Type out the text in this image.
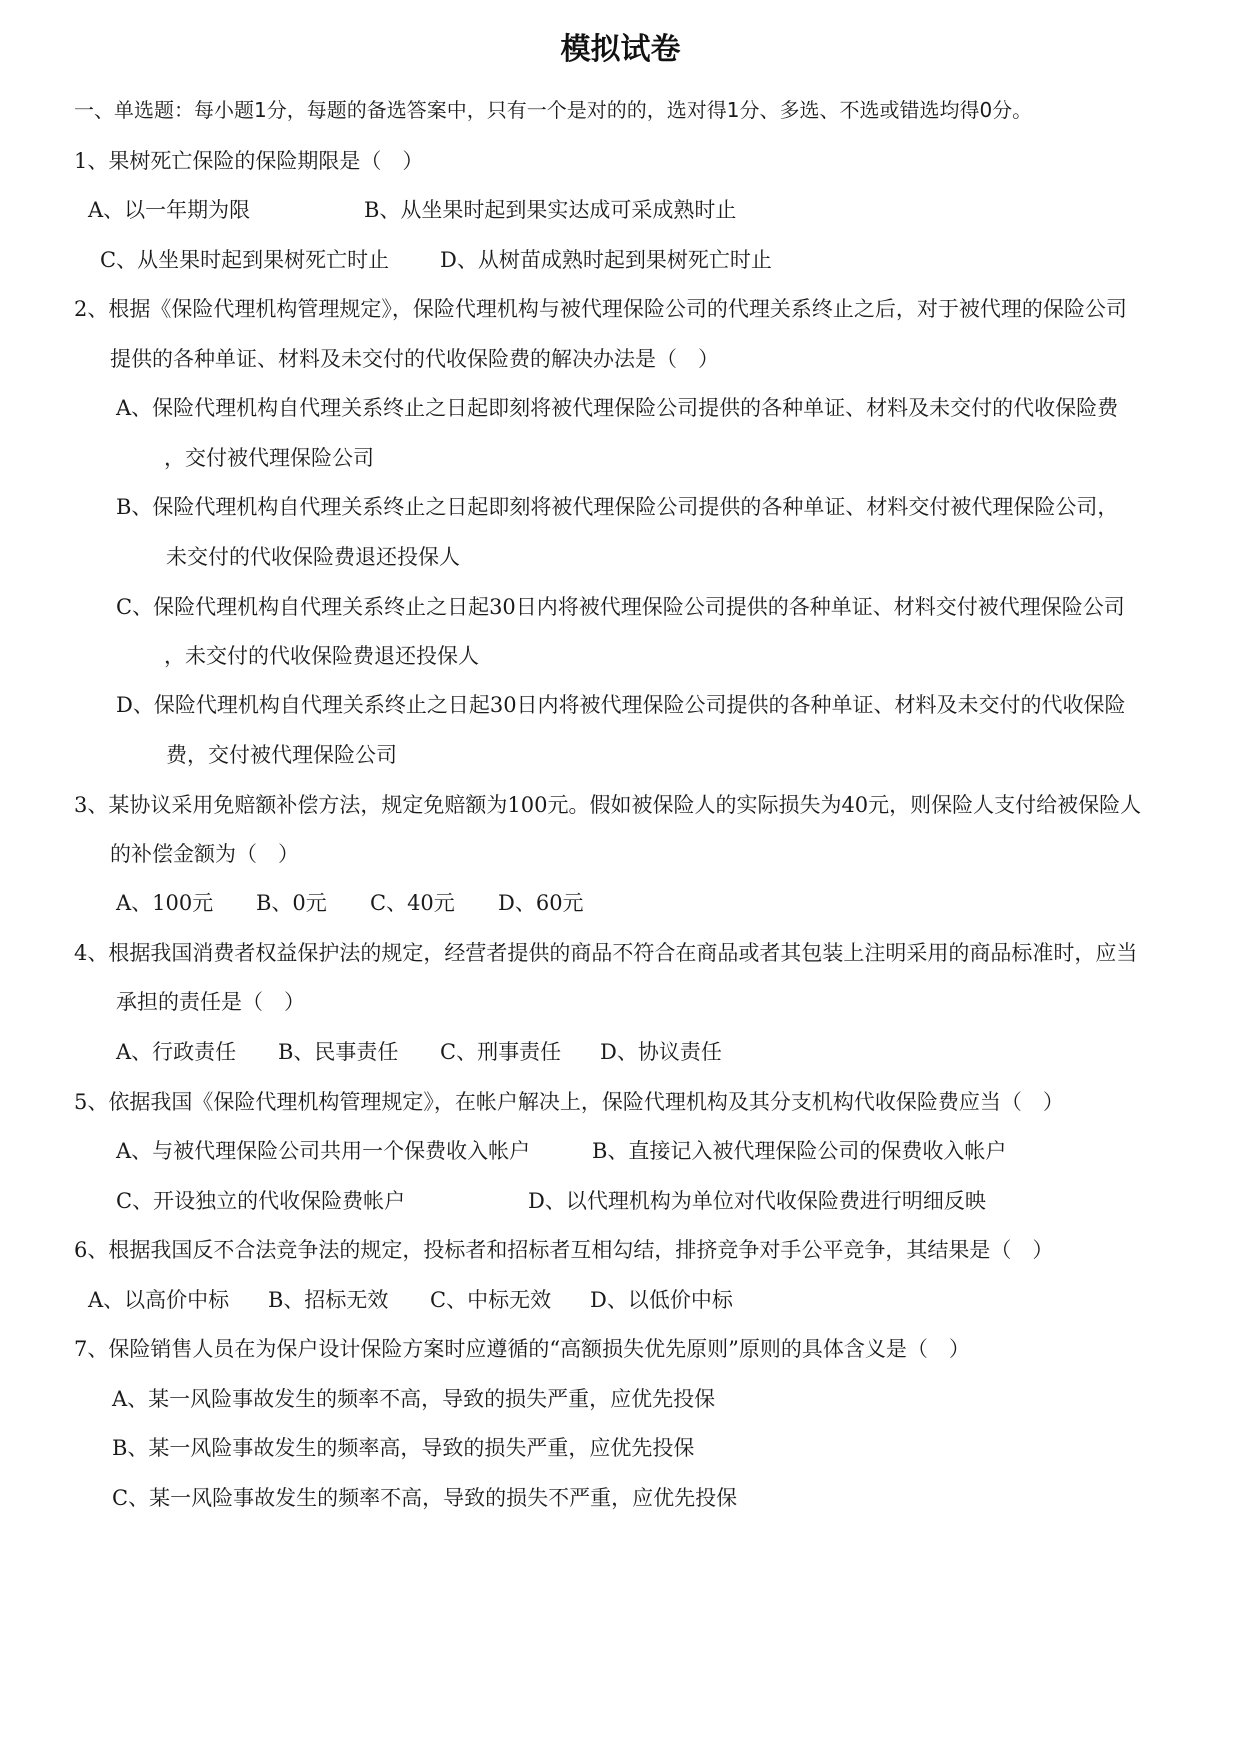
模拟试卷
一、单选题：每小题1分，每题的备选答案中，只有一个是对的的，选对得1分、多选、不选或错选均得0分。
1、果树死亡保险的保险期限是（　）
A、以一年期为限	B、从坐果时起到果实达成可采成熟时止
C、从坐果时起到果树死亡时止 D、从树苗成熟时起到果树死亡时止
2、根据《保险代理机构管理规定》，保险代理机构与被代理保险公司的代理关系终止之后，对于被代理的保险公司
提供的各种单证、材料及未交付的代收保险费的解决办法是（　）
A、保险代理机构自代理关系终止之日起即刻将被代理保险公司提供的各种单证、材料及未交付的代收保险费
，交付被代理保险公司
B、保险代理机构自代理关系终止之日起即刻将被代理保险公司提供的各种单证、材料交付被代理保险公司，
未交付的代收保险费退还投保人
C、保险代理机构自代理关系终止之日起30日内将被代理保险公司提供的各种单证、材料交付被代理保险公司
，未交付的代收保险费退还投保人
D、保险代理机构自代理关系终止之日起30日内将被代理保险公司提供的各种单证、材料及未交付的代收保险
费，交付被代理保险公司
3、某协议采用免赔额补偿方法，规定免赔额为100元。假如被保险人的实际损失为40元，则保险人支付给被保险人
的补偿金额为（　）
A、100元 B、0元 C、40元 D、60元
4、根据我国消费者权益保护法的规定，经营者提供的商品不符合在商品或者其包装上注明采用的商品标准时，应当
承担的责任是（　）
A、行政责任 B、民事责任 C、刑事责任 D、协议责任
5、依据我国《保险代理机构管理规定》，在帐户解决上，保险代理机构及其分支机构代收保险费应当（　）
A、与被代理保险公司共用一个保费收入帐户	B、直接记入被代理保险公司的保费收入帐户
C、开设独立的代收保险费帐户	D、以代理机构为单位对代收保险费进行明细反映
6、根据我国反不合法竞争法的规定，投标者和招标者互相勾结，排挤竞争对手公平竞争，其结果是（　）
A、以高价中标 B、招标无效 C、中标无效 D、以低价中标
7、保险销售人员在为保户设计保险方案时应遵循的“高额损失优先原则”原则的具体含义是（　）
A、某一风险事故发生的频率不高，导致的损失严重，应优先投保
B、某一风险事故发生的频率高，导致的损失严重，应优先投保
C、某一风险事故发生的频率不高，导致的损失不严重，应优先投保
